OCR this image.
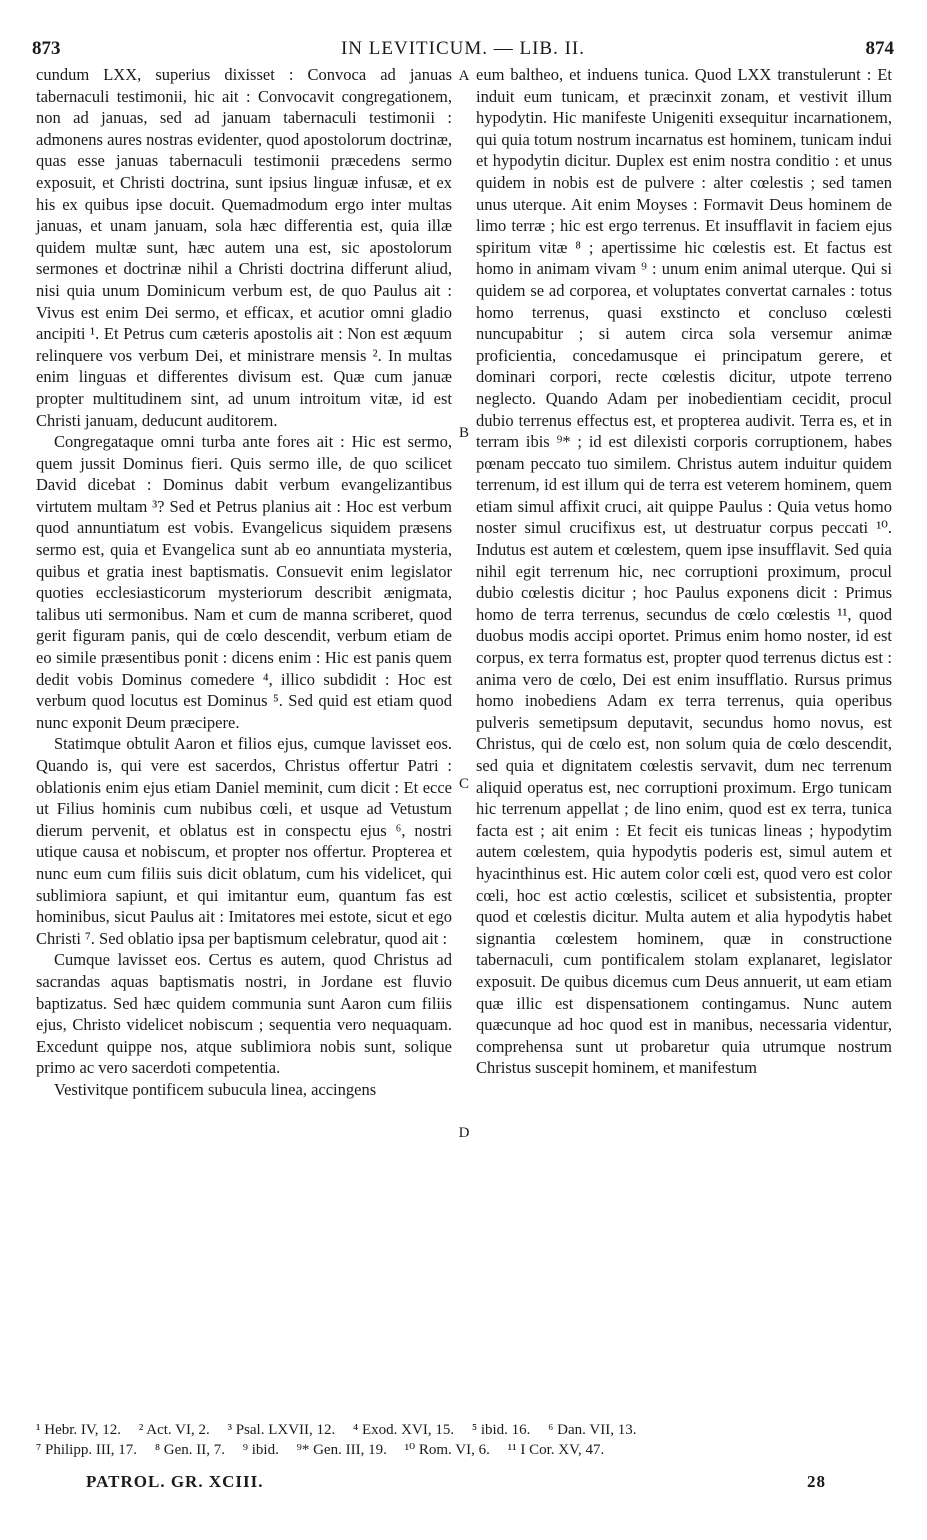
873	IN LEVITICUM. — LIB. II.	874

cundum LXX, superius dixisset : Convoca ad januas tabernaculi testimonii, hic ait : Convocavit congregationem, non ad januas, sed ad januam tabernaculi testimonii : admonens aures nostras evidenter, quod apostolorum doctrinæ, quas esse januas tabernaculi testimonii præcedens sermo exposuit, et Christi doctrina, sunt ipsius linguæ infusæ, et ex his ex quibus ipse docuit. Quemadmodum ergo inter multas januas, et unam januam, sola hæc differentia est, quia illæ quidem multæ sunt, hæc autem una est, sic apostolorum sermones et doctrinæ nihil a Christi doctrina differunt aliud, nisi quia unum Dominicum verbum est, de quo Paulus ait : Vivus est enim Dei sermo, et efficax, et acutior omni gladio ancipiti ¹. Et Petrus cum cæteris apostolis ait : Non est æquum relinquere vos verbum Dei, et ministrare mensis ². In multas enim linguas et differentes divisum est. Quæ cum januæ propter multitudinem sint, ad unum introitum vitæ, id est Christi januam, deducunt auditorem.

Congregataque omni turba ante fores ait : Hic est sermo, quem jussit Dominus fieri. Quis sermo ille, de quo scilicet David dicebat : Dominus dabit verbum evangelizantibus virtutem multam ³? Sed et Petrus planius ait : Hoc est verbum quod annuntiatum est vobis. Evangelicus siquidem præsens sermo est, quia et Evangelica sunt ab eo annuntiata mysteria, quibus et gratia inest baptismatis. Consuevit enim legislator quoties ecclesiasticorum mysteriorum describit ænigmata, talibus uti sermonibus. Nam et cum de manna scriberet, quod gerit figuram panis, qui de cœlo descendit, verbum etiam de eo simile præsentibus ponit : dicens enim : Hic est panis quem dedit vobis Dominus comedere ⁴, illico subdidit : Hoc est verbum quod locutus est Dominus ⁵. Sed quid est etiam quod nunc exponit Deum præcipere.

Statimque obtulit Aaron et filios ejus, cumque lavisset eos. Quando is, qui vere est sacerdos, Christus offertur Patri : oblationis enim ejus etiam Daniel meminit, cum dicit : Et ecce ut Filius hominis cum nubibus cœli, et usque ad Vetustum dierum pervenit, et oblatus est in conspectu ejus ⁶, nostri utique causa et nobiscum, et propter nos offertur. Propterea et nunc eum cum filiis suis dicit oblatum, cum his videlicet, qui sublimiora sapiunt, et qui imitantur eum, quantum fas est hominibus, sicut Paulus ait : Imitatores mei estote, sicut et ego Christi ⁷. Sed oblatio ipsa per baptismum celebratur, quod ait :

Cumque lavisset eos. Certus es autem, quod Christus ad sacrandas aquas baptismatis nostri, in Jordane est fluvio baptizatus. Sed hæc quidem communia sunt Aaron cum filiis ejus, Christo videlicet nobiscum ; sequentia vero nequaquam. Excedunt quippe nos, atque sublimiora nobis sunt, solique primo ac vero sacerdoti competentia.

Vestivitque pontificem subucula linea, accingens

A
B
C
D

eum baltheo, et induens tunica. Quod LXX transtulerunt : Et induit eum tunicam, et præcinxit zonam, et vestivit illum hypodytin. Hic manifeste Unigeniti exsequitur incarnationem, qui quia totum nostrum incarnatus est hominem, tunicam indui et hypodytin dicitur. Duplex est enim nostra conditio : et unus quidem in nobis est de pulvere : alter cœlestis ; sed tamen unus uterque. Ait enim Moyses : Formavit Deus hominem de limo terræ ; hic est ergo terrenus. Et insufflavit in faciem ejus spiritum vitæ ⁸ ; apertissime hic cœlestis est. Et factus est homo in animam vivam ⁹ : unum enim animal uterque. Qui si quidem se ad corporea, et voluptates convertat carnales : totus homo terrenus, quasi exstincto et concluso cœlesti nuncupabitur ; si autem circa sola versemur animæ proficientia, concedamusque ei principatum gerere, et dominari corpori, recte cœlestis dicitur, utpote terreno neglecto. Quando Adam per inobedientiam cecidit, procul dubio terrenus effectus est, et propterea audivit. Terra es, et in terram ibis ⁹* ; id est dilexisti corporis corruptionem, habes pœnam peccato tuo similem. Christus autem induitur quidem terrenum, id est illum qui de terra est veterem hominem, quem etiam simul affixit cruci, ait quippe Paulus : Quia vetus homo noster simul crucifixus est, ut destruatur corpus peccati ¹⁰. Indutus est autem et cœlestem, quem ipse insufflavit. Sed quia nihil egit terrenum hic, nec corruptioni proximum, procul dubio cœlestis dicitur ; hoc Paulus exponens dicit : Primus homo de terra terrenus, secundus de cœlo cœlestis ¹¹, quod duobus modis accipi oportet. Primus enim homo noster, id est corpus, ex terra formatus est, propter quod terrenus dictus est : anima vero de cœlo, Dei est enim insufflatio. Rursus primus homo inobediens Adam ex terra terrenus, quia operibus pulveris semetipsum deputavit, secundus homo novus, est Christus, qui de cœlo est, non solum quia de cœlo descendit, sed quia et dignitatem cœlestis servavit, dum nec terrenum aliquid operatus est, nec corruptioni proximum. Ergo tunicam hic terrenum appellat ; de lino enim, quod est ex terra, tunica facta est ; ait enim : Et fecit eis tunicas lineas ; hypodytim autem cœlestem, quia hypodytis poderis est, simul autem et hyacinthinus est. Hic autem color cœli est, quod vero est color cœli, hoc est actio cœlestis, scilicet et subsistentia, propter quod et cœlestis dicitur. Multa autem et alia hypodytis habet signantia cœlestem hominem, quæ in constructione tabernaculi, cum pontificalem stolam explanaret, legislator exposuit. De quibus dicemus cum Deus annuerit, ut eam etiam quæ illic est dispensationem contingamus. Nunc autem quæcunque ad hoc quod est in manibus, necessaria videntur, comprehensa sunt ut probaretur quia utrumque nostrum Christus suscepit hominem, et manifestum

¹ Hebr. IV, 12. ² Act. VI, 2. ³ Psal. LXVII, 12. ⁴ Exod. XVI, 15. ⁵ ibid. 16. ⁶ Dan. VII, 13.
⁷ Philipp. III, 17. ⁸ Gen. II, 7. ⁹ ibid. ⁹* Gen. III, 19. ¹⁰ Rom. VI, 6. ¹¹ I Cor. XV, 47.
PATROL. GR. XCIII.	28
